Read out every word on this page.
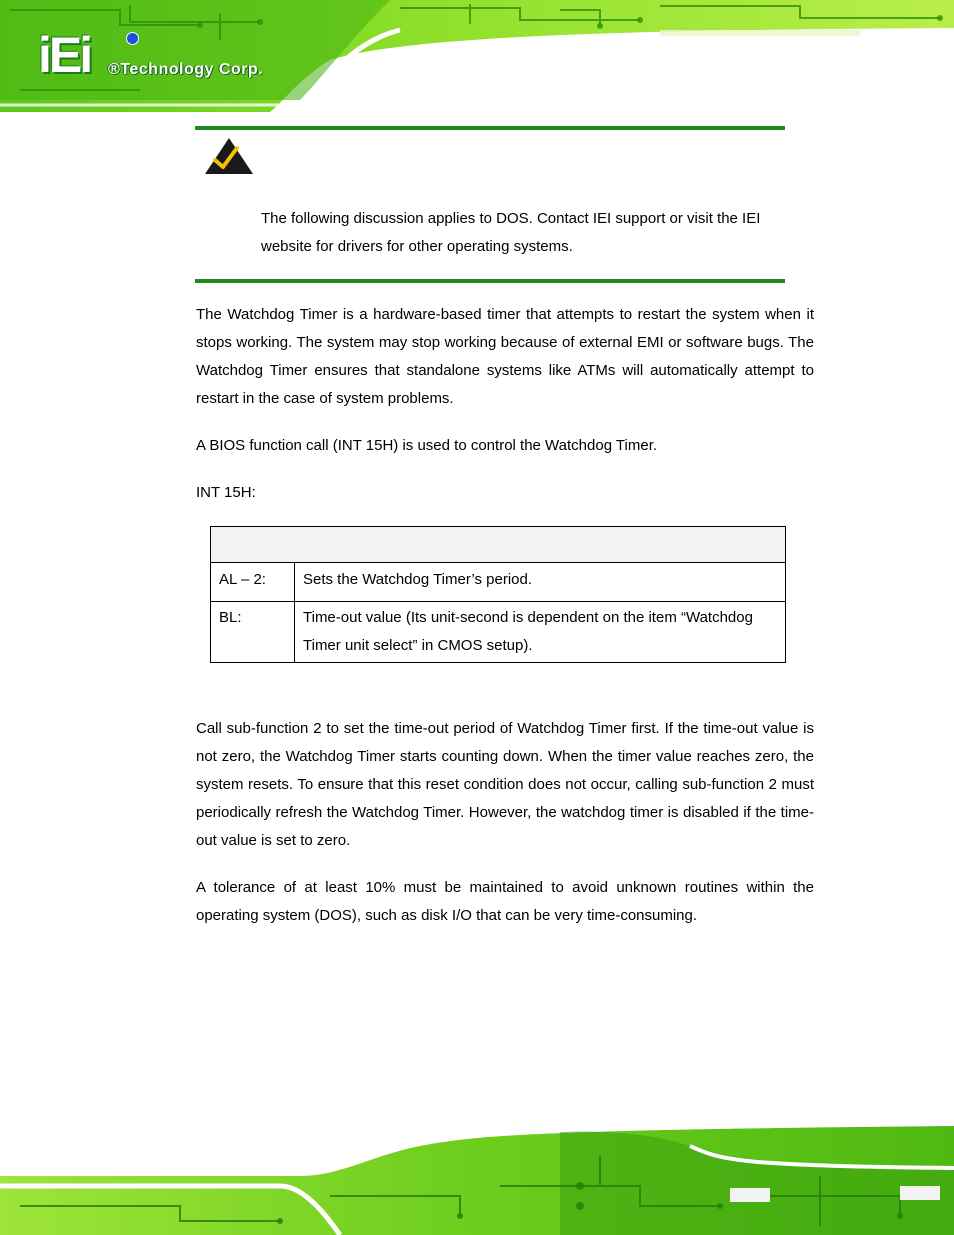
iEi ®Technology Corp.
The following discussion applies to DOS. Contact IEI support or visit the IEI website for drivers for other operating systems.

The Watchdog Timer is a hardware-based timer that attempts to restart the system when it stops working. The system may stop working because of external EMI or software bugs. The Watchdog Timer ensures that standalone systems like ATMs will automatically attempt to restart in the case of system problems.

A BIOS function call (INT 15H) is used to control the Watchdog Timer.

INT 15H:

AL – 2:	Sets the Watchdog Timer’s period.
BL:	Time-out value (Its unit-second is dependent on the item “Watchdog Timer unit select” in CMOS setup).

Call sub-function 2 to set the time-out period of Watchdog Timer first. If the time-out value is not zero, the Watchdog Timer starts counting down. When the timer value reaches zero, the system resets. To ensure that this reset condition does not occur, calling sub-function 2 must periodically refresh the Watchdog Timer. However, the watchdog timer is disabled if the time-out value is set to zero.

A tolerance of at least 10% must be maintained to avoid unknown routines within the operating system (DOS), such as disk I/O that can be very time-consuming.
